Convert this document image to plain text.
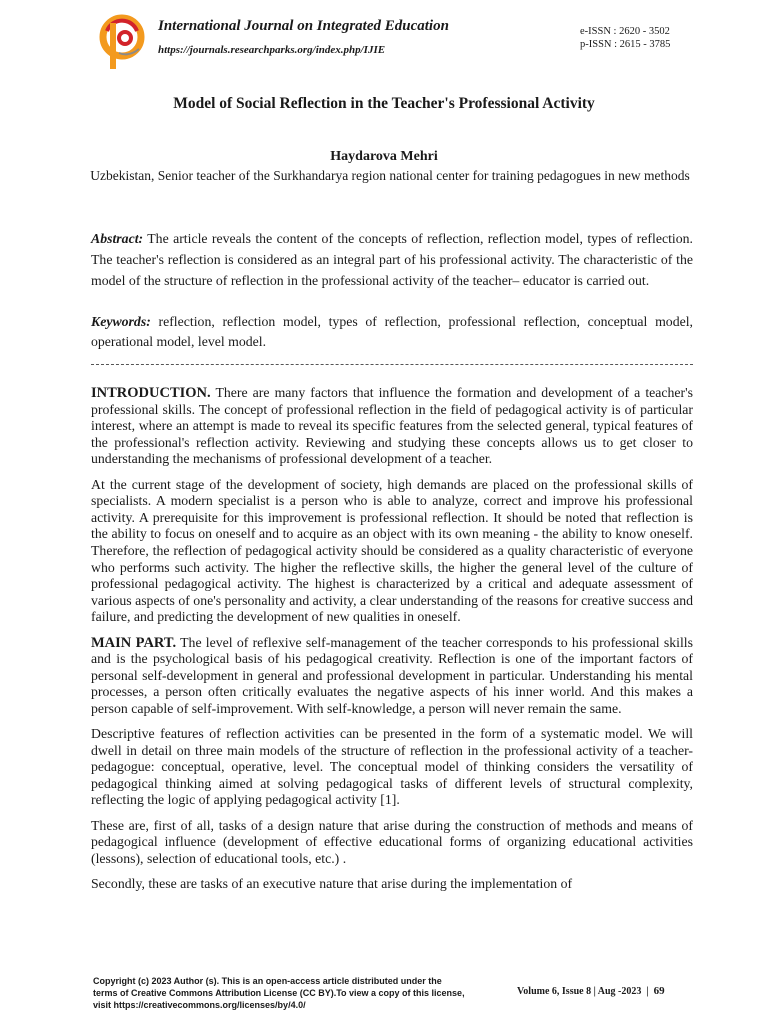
International Journal on Integrated Education
https://journals.researchparks.org/index.php/IJIE
e-ISSN : 2620 - 3502
p-ISSN : 2615 - 3785
Model of Social Reflection in the Teacher's Professional Activity
Haydarova Mehri
Uzbekistan, Senior teacher of the Surkhandarya region national center for training pedagogues in new methods
Abstract: The article reveals the content of the concepts of reflection, reflection model, types of reflection. The teacher's reflection is considered as an integral part of his professional activity. The characteristic of the model of the structure of reflection in the professional activity of the teacher– educator is carried out.
Keywords: reflection, reflection model, types of reflection, professional reflection, conceptual model, operational model, level model.

INTRODUCTION. There are many factors that influence the formation and development of a teacher's professional skills. The concept of professional reflection in the field of pedagogical activity is of particular interest, where an attempt is made to reveal its specific features from the selected general, typical features of the professional's reflection activity. Reviewing and studying these concepts allows us to get closer to understanding the mechanisms of professional development of a teacher.

At the current stage of the development of society, high demands are placed on the professional skills of specialists. A modern specialist is a person who is able to analyze, correct and improve his professional activity. A prerequisite for this improvement is professional reflection. It should be noted that reflection is the ability to focus on oneself and to acquire as an object with its own meaning - the ability to know oneself. Therefore, the reflection of pedagogical activity should be considered as a quality characteristic of everyone who performs such activity. The higher the reflective skills, the higher the general level of the culture of professional pedagogical activity. The highest is characterized by a critical and adequate assessment of various aspects of one's personality and activity, a clear understanding of the reasons for creative success and failure, and predicting the development of new qualities in oneself.

MAIN PART. The level of reflexive self-management of the teacher corresponds to his professional skills and is the psychological basis of his pedagogical creativity. Reflection is one of the important factors of personal self-development in general and professional development in particular. Understanding his mental processes, a person often critically evaluates the negative aspects of his inner world. And this makes a person capable of self-improvement. With self-knowledge, a person will never remain the same.

Descriptive features of reflection activities can be presented in the form of a systematic model. We will dwell in detail on three main models of the structure of reflection in the professional activity of a teacher-pedagogue: conceptual, operative, level. The conceptual model of thinking considers the versatility of pedagogical thinking aimed at solving pedagogical tasks of different levels of structural complexity, reflecting the logic of applying pedagogical activity [1].

These are, first of all, tasks of a design nature that arise during the construction of methods and means of pedagogical influence (development of effective educational forms of organizing educational activities (lessons), selection of educational tools, etc.) .

Secondly, these are tasks of an executive nature that arise during the implementation of

Copyright (c) 2023 Author (s). This is an open-access article distributed under the terms of Creative Commons Attribution License (CC BY).To view a copy of this license, visit https://creativecommons.org/licenses/by/4.0/
Volume 6, Issue 8 | Aug -2023 | 69
